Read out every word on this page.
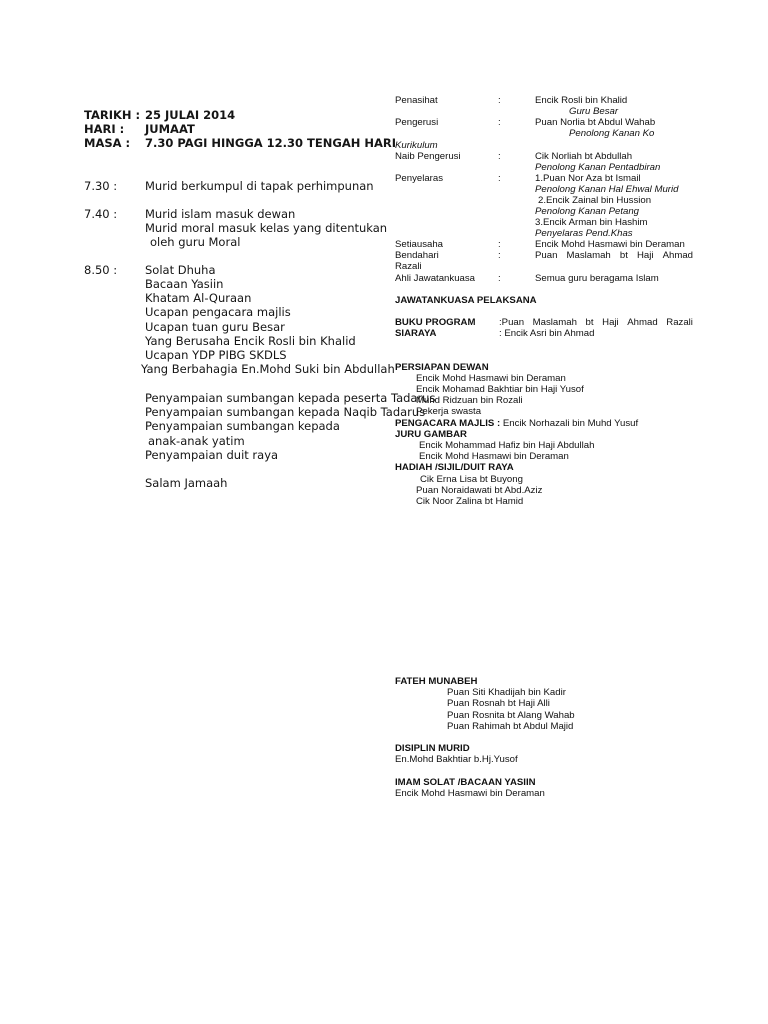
TARIKH : 25 JULAI 2014
HARI : JUMAAT
MASA : 7.30 PAGI HINGGA 12.30 TENGAH HARI
7.30 : Murid berkumpul di tapak perhimpunan
7.40 : Murid islam masuk dewan
Murid moral masuk kelas yang ditentukan
oleh guru Moral
8.50 : Solat Dhuha
Bacaan Yasiin
Khatam Al-Quraan
Ucapan pengacara majlis
Ucapan tuan guru Besar
Yang Berusaha Encik Rosli bin Khalid
Ucapan YDP PIBG SKDLS
Yang Berbahagia En.Mohd Suki bin Abdullah
Penyampaian sumbangan kepada peserta Tadarus
Penyampaian sumbangan kepada Naqib Tadarus
Penyampaian sumbangan kepada
anak-anak yatim
Penyampaian duit raya
Salam Jamaah
Penasihat	:	Encik Rosli bin Khalid
Guru Besar
Pengerusi	:	Puan Norlia bt Abdul Wahab
Penolong Kanan Ko
Kurikulum
Naib Pengerusi	:	Cik Norliah bt Abdullah
Penolong Kanan Pentadbiran
Penyelaras	:	1.Puan Nor Aza bt Ismail
Penolong Kanan Hal Ehwal Murid
2.Encik Zainal bin Hussion
Penolong Kanan Petang
3.Encik Arman bin Hashim
Penyelaras Pend.Khas
Setiausaha	:	Encik Mohd Hasmawi bin Deraman
Bendahari	:	Puan Maslamah bt Haji Ahmad
Razali
Ahli Jawatankuasa :	Semua guru beragama Islam
JAWATANKUASA PELAKSANA
BUKU PROGRAM :Puan Maslamah bt Haji Ahmad Razali
SIARAYA	: Encik Asri bin Ahmad
PERSIAPAN DEWAN
Encik Mohd Hasmawi bin Deraman
Encik Mohamad Bakhtiar bin Haji Yusof
Muhd Ridzuan bin Rozali
Pekerja swasta
PENGACARA MAJLIS : Encik Norhazali bin Muhd Yusuf
JURU GAMBAR
Encik Mohammad Hafiz bin Haji Abdullah
Encik Mohd Hasmawi bin Deraman
HADIAH /SIJIL/DUIT RAYA
Cik Erna Lisa bt Buyong
Puan Noraidawati bt Abd.Aziz
Cik Noor Zalina bt Hamid
FATEH MUNABEH
Puan Siti Khadijah bin Kadir
Puan Rosnah bt Haji Alli
Puan Rosnita bt Alang Wahab
Puan Rahimah bt Abdul Majid
DISIPLIN MURID
En.Mohd Bakhtiar b.Hj.Yusof
IMAM SOLAT /BACAAN YASIIN
Encik Mohd Hasmawi bin Deraman
